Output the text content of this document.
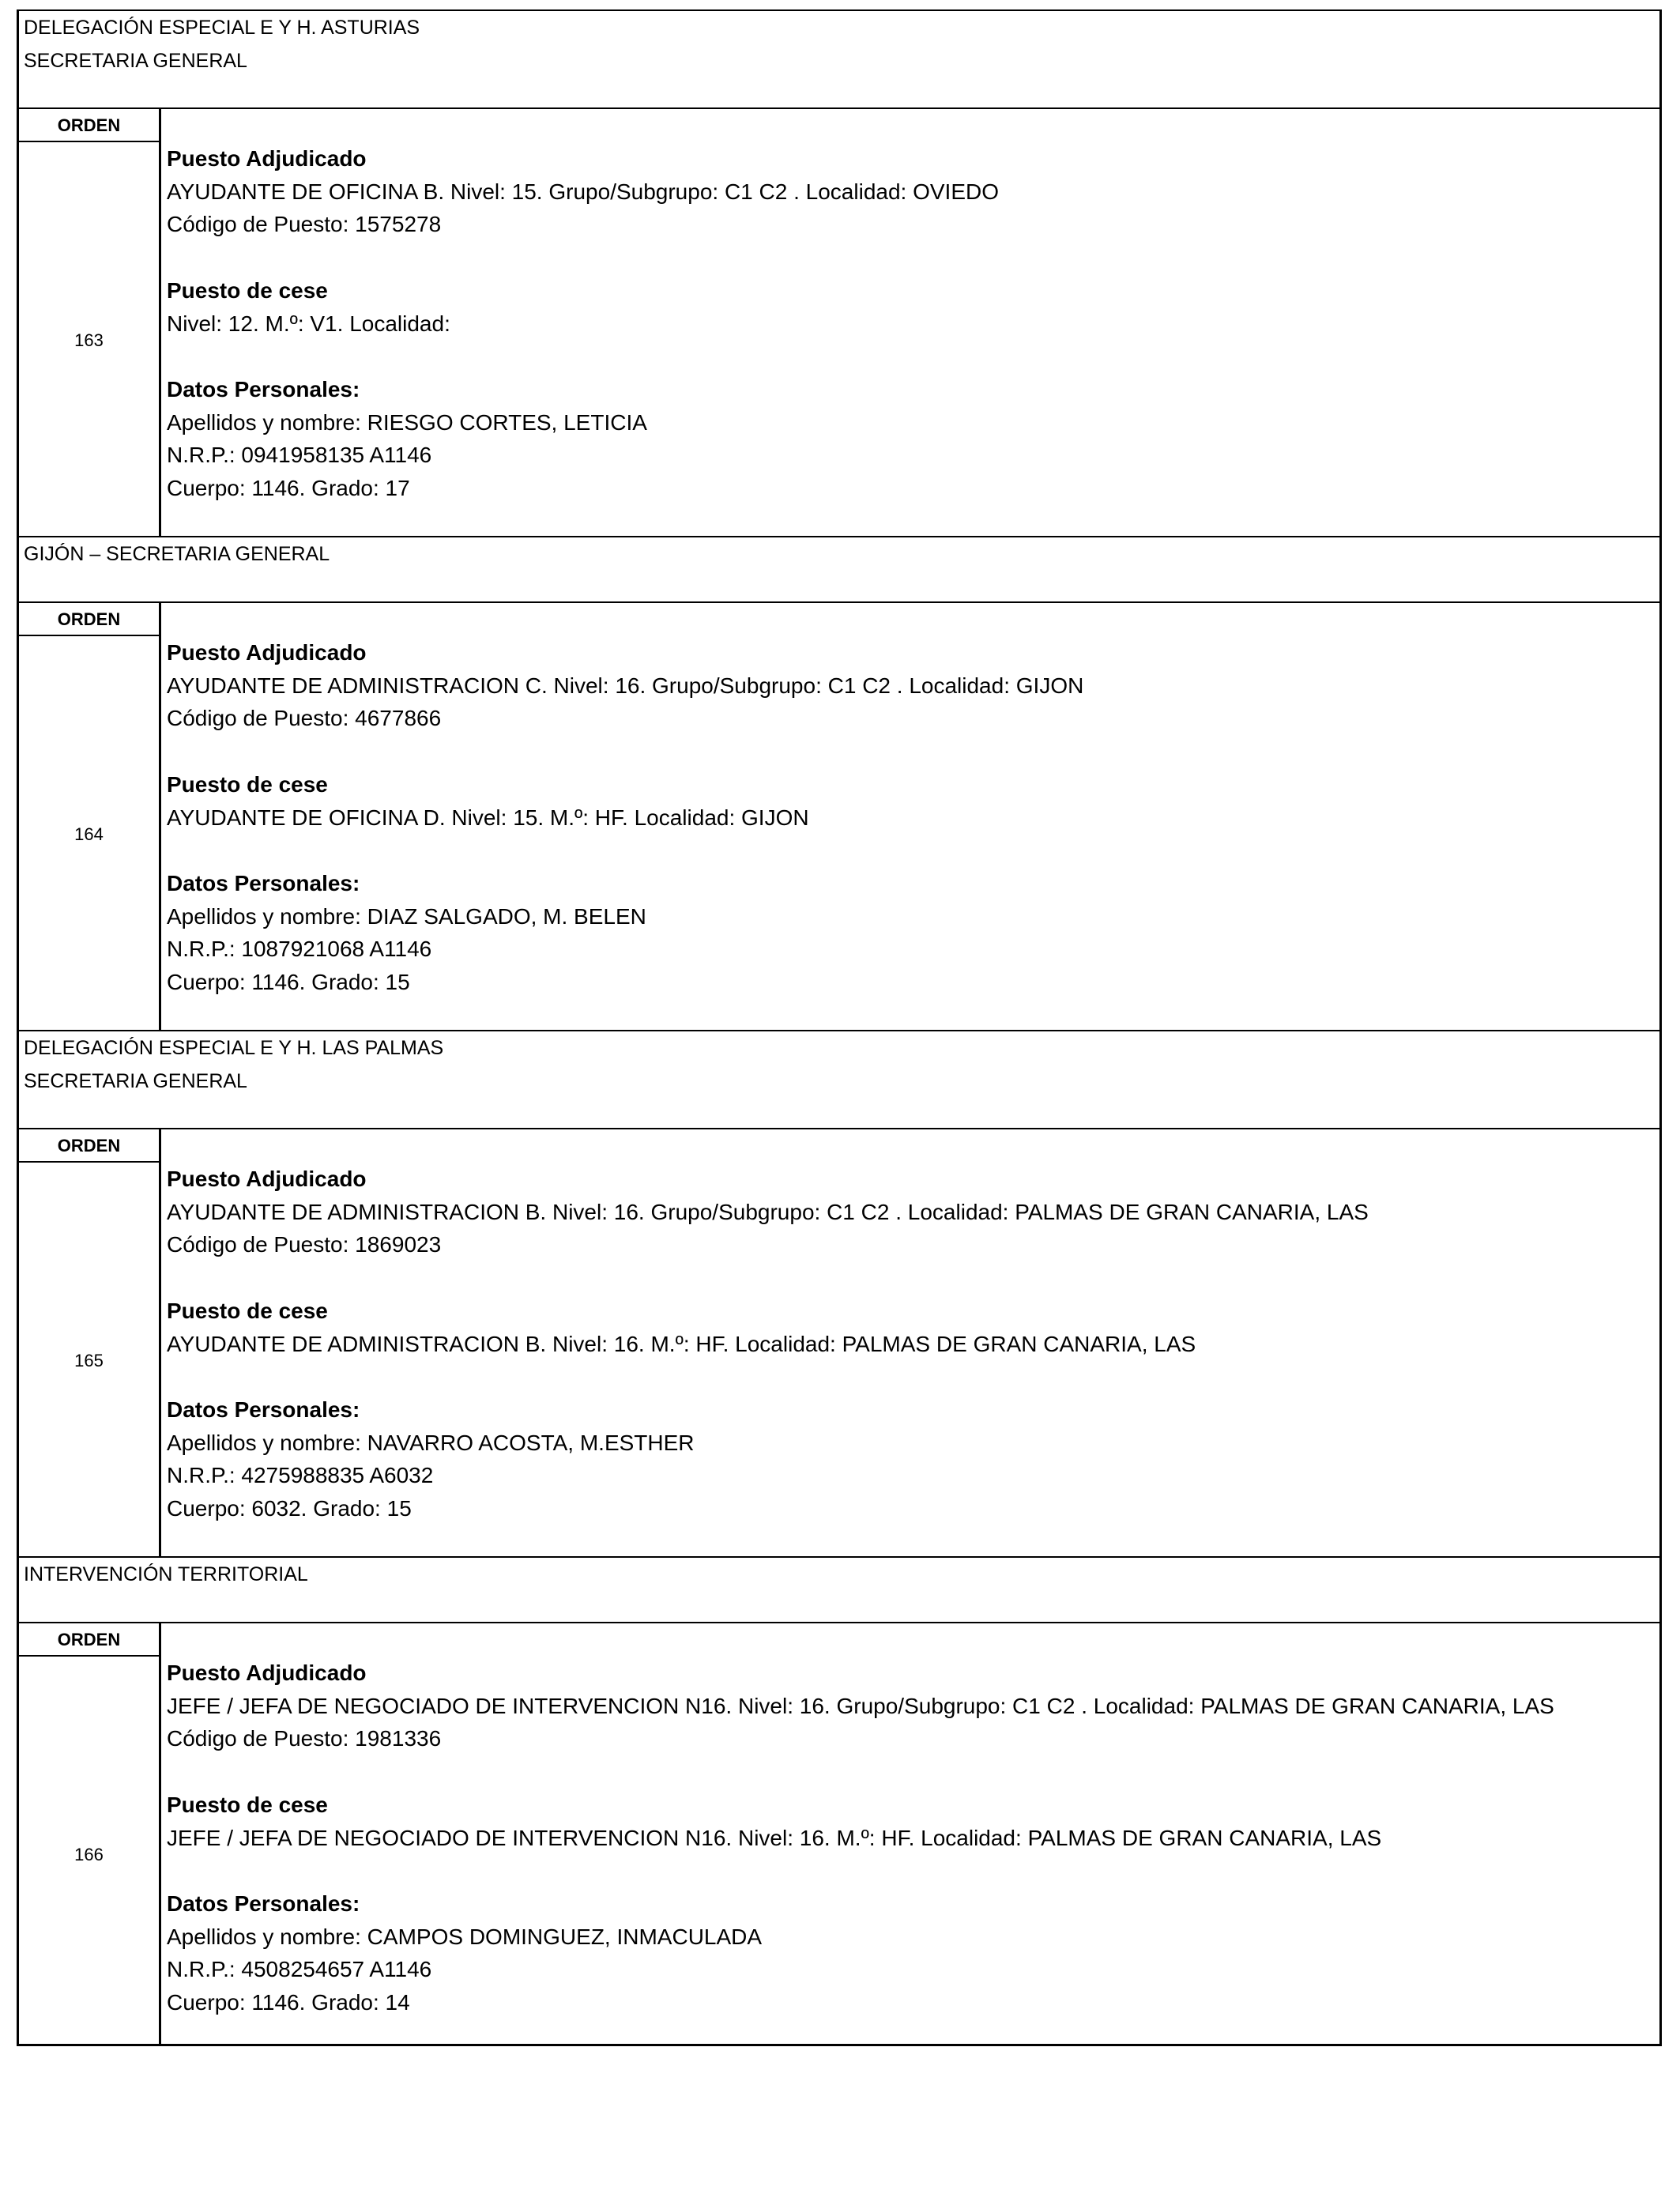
DELEGACIÓN ESPECIAL E Y H. ASTURIAS
SECRETARIA GENERAL
ORDEN
163
Puesto Adjudicado
AYUDANTE DE OFICINA B. Nivel: 15. Grupo/Subgrupo: C1 C2 . Localidad: OVIEDO
Código de Puesto: 1575278
Puesto de cese
Nivel: 12. M.º: V1. Localidad:
Datos Personales:
Apellidos y nombre: RIESGO CORTES, LETICIA
N.R.P.: 0941958135 A1146
Cuerpo: 1146. Grado: 17
GIJÓN – SECRETARIA GENERAL
ORDEN
164
Puesto Adjudicado
AYUDANTE DE ADMINISTRACION C. Nivel: 16. Grupo/Subgrupo: C1 C2 . Localidad: GIJON
Código de Puesto: 4677866
Puesto de cese
AYUDANTE DE OFICINA D. Nivel: 15. M.º: HF. Localidad: GIJON
Datos Personales:
Apellidos y nombre: DIAZ SALGADO, M. BELEN
N.R.P.: 1087921068 A1146
Cuerpo: 1146. Grado: 15
DELEGACIÓN ESPECIAL E Y H. LAS PALMAS
SECRETARIA GENERAL
ORDEN
165
Puesto Adjudicado
AYUDANTE DE ADMINISTRACION B. Nivel: 16. Grupo/Subgrupo: C1 C2 . Localidad: PALMAS DE GRAN CANARIA, LAS
Código de Puesto: 1869023
Puesto de cese
AYUDANTE DE ADMINISTRACION B. Nivel: 16. M.º: HF. Localidad: PALMAS DE GRAN CANARIA, LAS
Datos Personales:
Apellidos y nombre: NAVARRO ACOSTA, M.ESTHER
N.R.P.: 4275988835 A6032
Cuerpo: 6032. Grado: 15
INTERVENCIÓN TERRITORIAL
ORDEN
166
Puesto Adjudicado
JEFE / JEFA DE NEGOCIADO DE INTERVENCION N16. Nivel: 16. Grupo/Subgrupo: C1 C2 . Localidad: PALMAS DE GRAN CANARIA, LAS
Código de Puesto: 1981336
Puesto de cese
JEFE / JEFA DE NEGOCIADO DE INTERVENCION N16. Nivel: 16. M.º: HF. Localidad: PALMAS DE GRAN CANARIA, LAS
Datos Personales:
Apellidos y nombre: CAMPOS DOMINGUEZ, INMACULADA
N.R.P.: 4508254657 A1146
Cuerpo: 1146. Grado: 14
